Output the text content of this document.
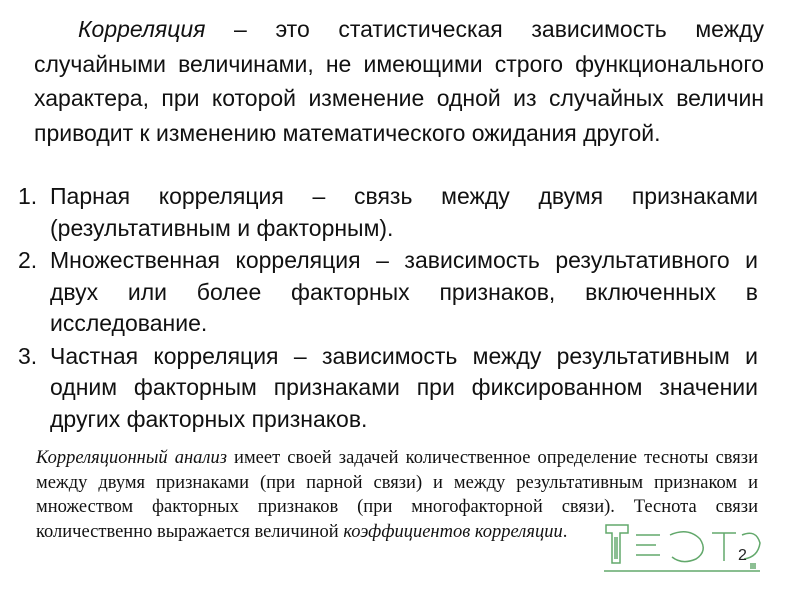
Корреляция – это статистическая зависимость между случайными величинами, не имеющими строго функционального характера, при которой изменение одной из случайных величин приводит к изменению математического ожидания другой.

1. Парная корреляция – связь между двумя признаками (результативным и факторным).
2. Множественная корреляция – зависимость результативного и двух или более факторных признаков, включенных в исследование.
3. Частная корреляция – зависимость между результативным и одним факторным признаками при фиксированном значении других факторных признаков.

Корреляционный анализ имеет своей задачей количественное определение тесноты связи между двумя признаками (при парной связи) и между результативным признаком и множеством факторных признаков (при многофакторной связи). Теснота связи количественно выражается величиной коэффициентов корреляции.

2
